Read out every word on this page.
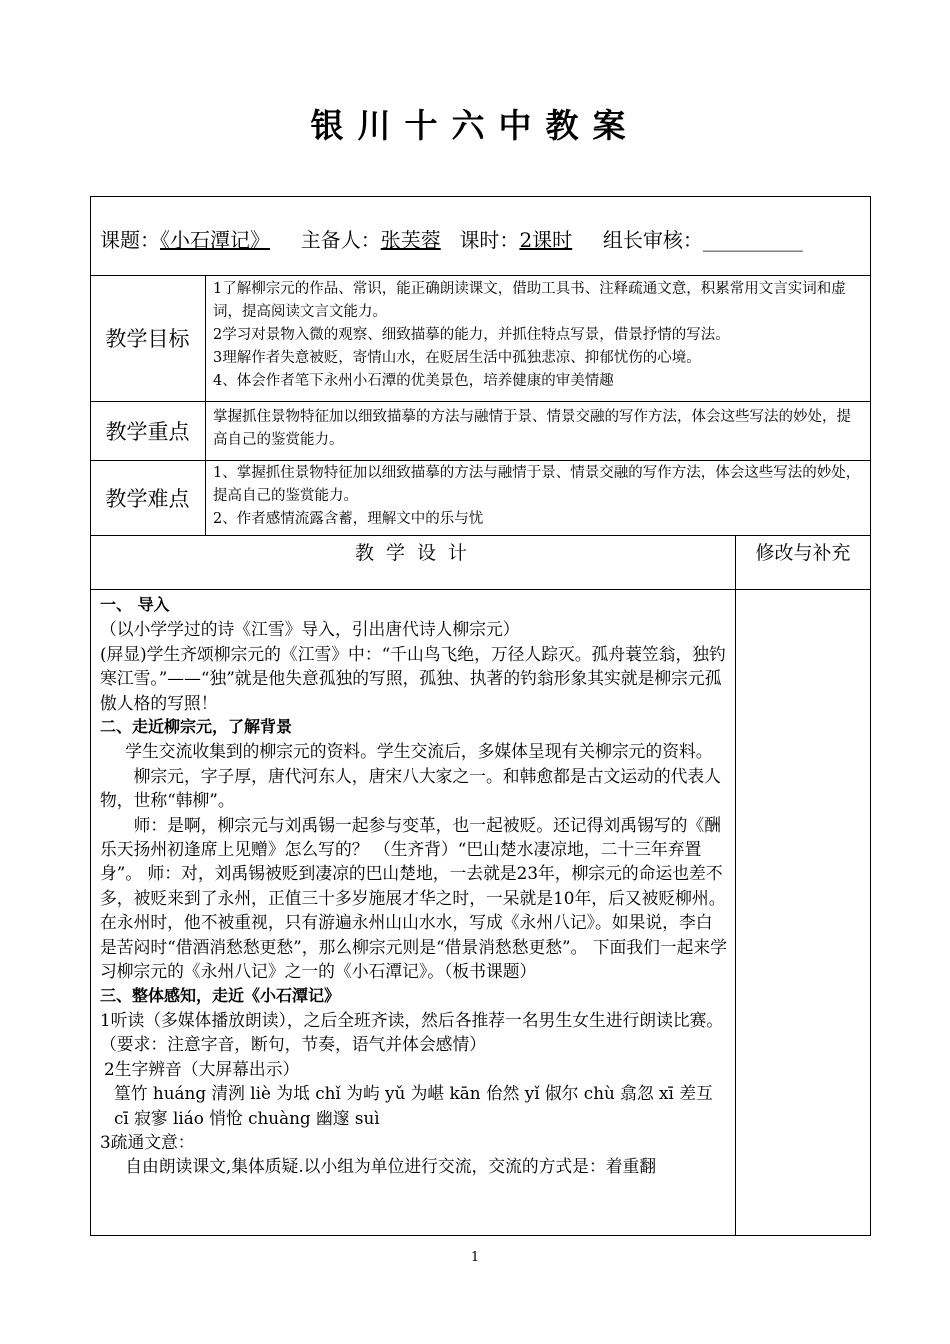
银川十六中教案
课题：《小石潭记》 主备人：张芙蓉 课时：2课时 组长审核：__________
教学目标
1了解柳宗元的作品、常识，能正确朗读课文，借助工具书、注释疏通文意，积累常用文言实词和虚词，提高阅读文言文能力。
2学习对景物入微的观察、细致描摹的能力，并抓住特点写景，借景抒情的写法。
3理解作者失意被贬，寄情山水，在贬居生活中孤独悲凉、抑郁忧伤的心境。
4、体会作者笔下永州小石潭的优美景色，培养健康的审美情趣
教学重点
掌握抓住景物特征加以细致描摹的方法与融情于景、情景交融的写作方法，体会这些写法的妙处，提高自己的鉴赏能力。
教学难点
1、掌握抓住景物特征加以细致描摹的方法与融情于景、情景交融的写作方法，体会这些写法的妙处，提高自己的鉴赏能力。
2、作者感情流露含蓄，理解文中的乐与忧
教 学 设 计	修改与补充

一、 导入

（以小学学过的诗《江雪》导入，引出唐代诗人柳宗元）

(屏显)学生齐颂柳宗元的《江雪》中：“千山鸟飞绝，万径人踪灭。孤舟蓑笠翁，独钓寒江雪。”——“独”就是他失意孤独的写照，孤独、执著的钓翁形象其实就是柳宗元孤傲人格的写照！

二、走近柳宗元，了解背景

学生交流收集到的柳宗元的资料。学生交流后，多媒体呈现有关柳宗元的资料。

柳宗元，字子厚，唐代河东人，唐宋八大家之一。和韩愈都是古文运动的代表人物，世称“韩柳”。

师：是啊，柳宗元与刘禹锡一起参与变革，也一起被贬。还记得刘禹锡写的《酬乐天扬州初逢席上见赠》怎么写的？ （生齐背）“巴山楚水凄凉地，二十三年弃置身”。 师：对，刘禹锡被贬到凄凉的巴山楚地，一去就是23年，柳宗元的命运也差不多，被贬来到了永州，正值三十多岁施展才华之时，一呆就是10年，后又被贬柳州。在永州时，他不被重视，只有游遍永州山山水水，写成《永州八记》。如果说，李白是苦闷时“借酒消愁愁更愁”，那么柳宗元则是“借景消愁愁更愁”。 下面我们一起来学习柳宗元的《永州八记》之一的《小石潭记》。（板书课题）

三、整体感知，走近《小石潭记》

1听读（多媒体播放朗读），之后全班齐读，然后各推荐一名男生女生进行朗读比赛。（要求：注意字音，断句，节奏，语气并体会感情）

2生字辨音（大屏幕出示）

篁竹 huáng 清洌 liè 为坻 chǐ 为屿 yǔ 为嵁 kān 佁然 yǐ 俶尔 chù 翕忽 xī 差互 cī 寂寥 liáo 悄怆 chuàng 幽邃 suì

3疏通文意：

自由朗读课文,集体质疑.以小组为单位进行交流，交流的方式是：着重翻

1
